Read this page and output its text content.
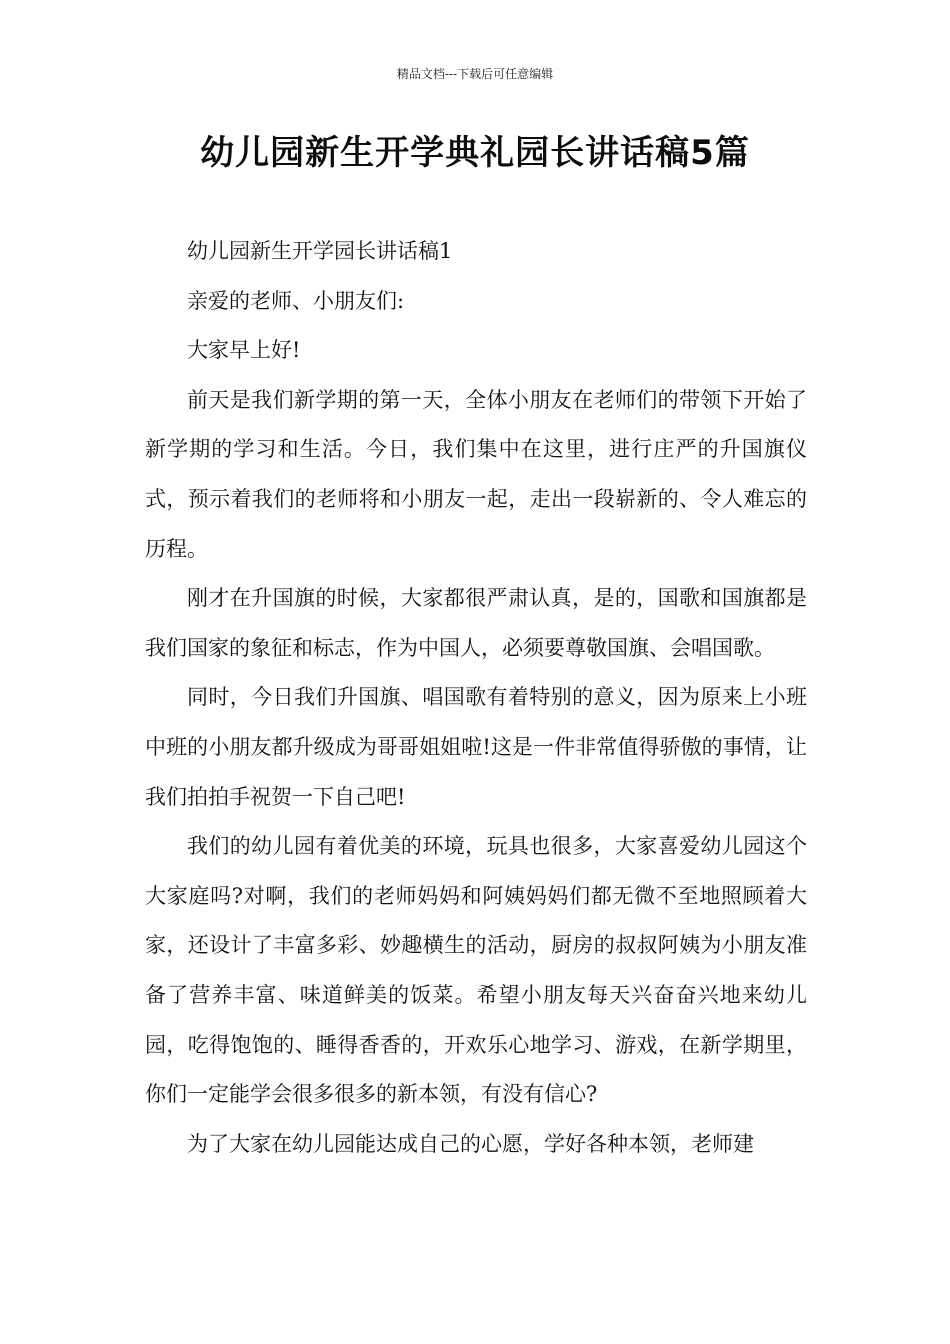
精品文档---下载后可任意编辑
幼儿园新生开学典礼园长讲话稿5篇

幼儿园新生开学园长讲话稿1

亲爱的老师、小朋友们:

大家早上好!

前天是我们新学期的第一天，全体小朋友在老师们的带领下开始了新学期的学习和生活。今日，我们集中在这里，进行庄严的升国旗仪式，预示着我们的老师将和小朋友一起，走出一段崭新的、令人难忘的历程。

刚才在升国旗的时候，大家都很严肃认真，是的，国歌和国旗都是我们国家的象征和标志，作为中国人，必须要尊敬国旗、会唱国歌。

同时，今日我们升国旗、唱国歌有着特别的意义，因为原来上小班中班的小朋友都升级成为哥哥姐姐啦!这是一件非常值得骄傲的事情，让我们拍拍手祝贺一下自己吧!

我们的幼儿园有着优美的环境，玩具也很多，大家喜爱幼儿园这个大家庭吗?对啊，我们的老师妈妈和阿姨妈妈们都无微不至地照顾着大家，还设计了丰富多彩、妙趣横生的活动，厨房的叔叔阿姨为小朋友准备了营养丰富、味道鲜美的饭菜。希望小朋友每天兴奋奋兴地来幼儿园，吃得饱饱的、睡得香香的，开欢乐心地学习、游戏，在新学期里，你们一定能学会很多很多的新本领，有没有信心?

为了大家在幼儿园能达成自己的心愿，学好各种本领，老师建
